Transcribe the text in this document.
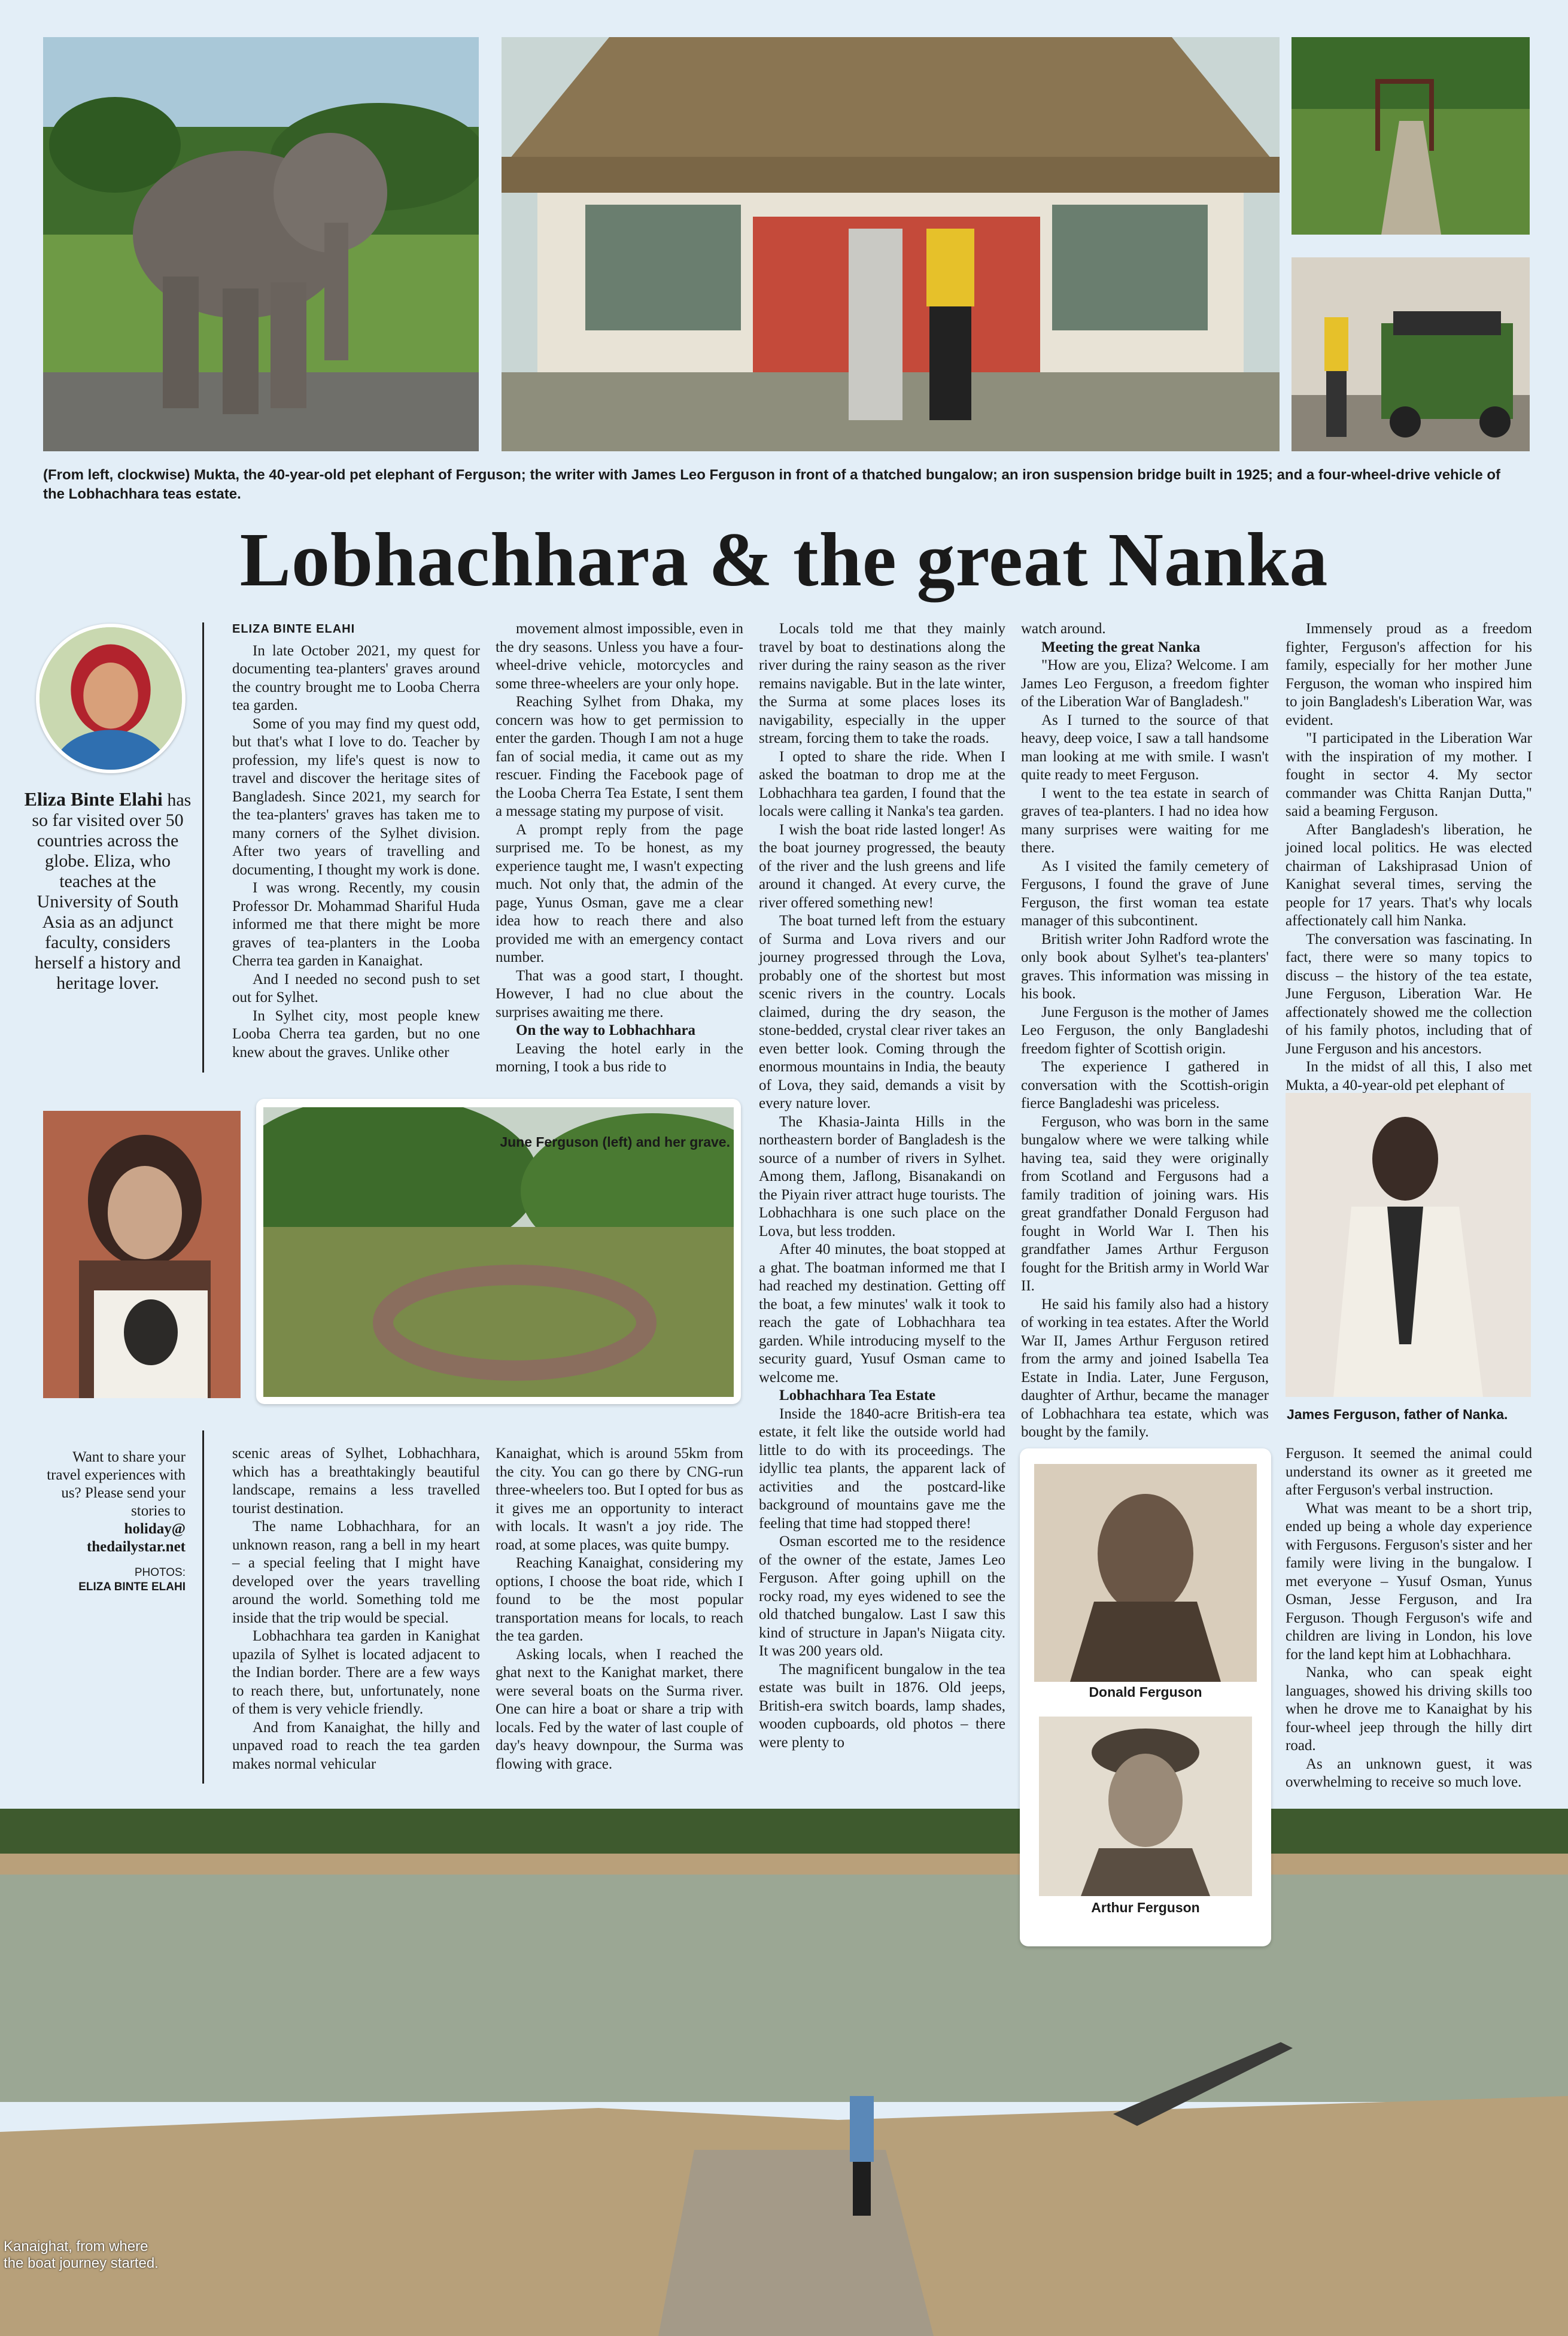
(From left, clockwise) Mukta, the 40-year-old pet elephant of Ferguson; the writer with James Leo Ferguson in front of a thatched bungalow; an iron suspension bridge built in 1925; and a four-wheel-drive vehicle of the Lobhachhara teas estate.
Lobhachhara & the great Nanka
Eliza Binte Elahi has so far visited over 50 countries across the globe. Eliza, who teaches at the University of South Asia as an adjunct faculty, considers herself a history and heritage lover.
ELIZA BINTE ELAHI

In late October 2021, my quest for documenting tea-planters' graves around the country brought me to Looba Cherra tea garden.

Some of you may find my quest odd, but that's what I love to do. Teacher by profession, my life's quest is now to travel and discover the heritage sites of Bangladesh. Since 2021, my search for the tea-planters' graves has taken me to many corners of the Sylhet division. After two years of travelling and documenting, I thought my work is done.

I was wrong. Recently, my cousin Professor Dr. Mohammad Shariful Huda informed me that there might be more graves of tea-planters in the Looba Cherra tea garden in Kanaighat.

And I needed no second push to set out for Sylhet.

In Sylhet city, most people knew Looba Cherra tea garden, but no one knew about the graves. Unlike other

movement almost impossible, even in the dry seasons. Unless you have a four-wheel-drive vehicle, motorcycles and some three-wheelers are your only hope.

Reaching Sylhet from Dhaka, my concern was how to get permission to enter the garden. Though I am not a huge fan of social media, it came out as my rescuer. Finding the Facebook page of the Looba Cherra Tea Estate, I sent them a message stating my purpose of visit.

A prompt reply from the page surprised me. To be honest, as my experience taught me, I wasn't expecting much. Not only that, the admin of the page, Yunus Osman, gave me a clear idea how to reach there and also provided me with an emergency contact number.

That was a good start, I thought. However, I had no clue about the surprises awaiting me there.

On the way to Lobhachhara

Leaving the hotel early in the morning, I took a bus ride to

Locals told me that they mainly travel by boat to destinations along the river during the rainy season as the river remains navigable. But in the late winter, the Surma at some places loses its navigability, especially in the upper stream, forcing them to take the roads.

I opted to share the ride. When I asked the boatman to drop me at the Lobhachhara tea garden, I found that the locals were calling it Nanka's tea garden.

I wish the boat ride lasted longer! As the boat journey progressed, the beauty of the river and the lush greens and life around it changed. At every curve, the river offered something new!

The boat turned left from the estuary of Surma and Lova rivers and our journey progressed through the Lova, probably one of the shortest but most scenic rivers in the country. Locals claimed, during the dry season, the stone-bedded, crystal clear river takes an even better look. Coming through the enormous mountains in India, the beauty of Lova, they said, demands a visit by every nature lover.

The Khasia-Jainta Hills in the northeastern border of Bangladesh is the source of a number of rivers in Sylhet. Among them, Jaflong, Bisanakandi on the Piyain river attract huge tourists. The Lobhachhara is one such place on the Lova, but less trodden.

After 40 minutes, the boat stopped at a ghat. The boatman informed me that I had reached my destination. Getting off the boat, a few minutes' walk it took to reach the gate of Lobhachhara tea garden. While introducing myself to the security guard, Yusuf Osman came to welcome me.

Lobhachhara Tea Estate

Inside the 1840-acre British-era tea estate, it felt like the outside world had little to do with its proceedings. The idyllic tea plants, the apparent lack of activities and the postcard-like background of mountains gave me the feeling that time had stopped there!

Osman escorted me to the residence of the owner of the estate, James Leo Ferguson. After going uphill on the rocky road, my eyes widened to see the old thatched bungalow. Last I saw this kind of structure in Japan's Niigata city. It was 200 years old.

The magnificent bungalow in the tea estate was built in 1876. Old jeeps, British-era switch boards, lamp shades, wooden cupboards, old photos – there were plenty to

watch around.

Meeting the great Nanka

"How are you, Eliza? Welcome. I am James Leo Ferguson, a freedom fighter of the Liberation War of Bangladesh."

As I turned to the source of that heavy, deep voice, I saw a tall handsome man looking at me with smile. I wasn't quite ready to meet Ferguson.

I went to the tea estate in search of graves of tea-planters. I had no idea how many surprises were waiting for me there.

As I visited the family cemetery of Fergusons, I found the grave of June Ferguson, the first woman tea estate manager of this subcontinent.

British writer John Radford wrote the only book about Sylhet's tea-planters' graves. This information was missing in his book.

June Ferguson is the mother of James Leo Ferguson, the only Bangladeshi freedom fighter of Scottish origin.

The experience I gathered in conversation with the Scottish-origin fierce Bangladeshi was priceless.

Ferguson, who was born in the same bungalow where we were talking while having tea, said they were originally from Scotland and Fergusons had a family tradition of joining wars. His great grandfather Donald Ferguson had fought in World War I. Then his grandfather James Arthur Ferguson fought for the British army in World War II.

He said his family also had a history of working in tea estates. After the World War II, James Arthur Ferguson retired from the army and joined Isabella Tea Estate in India. Later, June Ferguson, daughter of Arthur, became the manager of Lobhachhara tea estate, which was bought by the family.

Immensely proud as a freedom fighter, Ferguson's affection for his family, especially for her mother June Ferguson, the woman who inspired him to join Bangladesh's Liberation War, was evident.

"I participated in the Liberation War with the inspiration of my mother. I fought in sector 4. My sector commander was Chitta Ranjan Dutta," said a beaming Ferguson.

After Bangladesh's liberation, he joined local politics. He was elected chairman of Lakshiprasad Union of Kanighat several times, serving the people for 17 years. That's why locals affectionately call him Nanka.

The conversation was fascinating. In fact, there were so many topics to discuss – the history of the tea estate, June Ferguson, Liberation War. He affectionately showed me the collection of his family photos, including that of June Ferguson and his ancestors.

In the midst of all this, I also met Mukta, a 40-year-old pet elephant of

June Ferguson (left) and her grave.
James Ferguson, father of Nanka.
Want to share your travel experiences with us? Please send your stories to
holiday@
thedailystar.net
PHOTOS:
ELIZA BINTE ELAHI

scenic areas of Sylhet, Lobhachhara, which has a breathtakingly beautiful landscape, remains a less travelled tourist destination.

The name Lobhachhara, for an unknown reason, rang a bell in my heart – a special feeling that I might have developed over the years travelling around the world. Something told me inside that the trip would be special.

Lobhachhara tea garden in Kanighat upazila of Sylhet is located adjacent to the Indian border. There are a few ways to reach there, but, unfortunately, none of them is very vehicle friendly.

And from Kanaighat, the hilly and unpaved road to reach the tea garden makes normal vehicular

Kanaighat, which is around 55km from the city. You can go there by CNG-run three-wheelers too. But I opted for bus as it gives me an opportunity to interact with locals. It wasn't a joy ride. The road, at some places, was quite bumpy.

Reaching Kanaighat, considering my options, I choose the boat ride, which I found to be the most popular transportation means for locals, to reach the tea garden.

Asking locals, when I reached the ghat next to the Kanighat market, there were several boats on the Surma river. One can hire a boat or share a trip with locals. Fed by the water of last couple of day's heavy downpour, the Surma was flowing with grace.

Donald Ferguson
Arthur Ferguson

Ferguson. It seemed the animal could understand its owner as it greeted me after Ferguson's verbal instruction.

What was meant to be a short trip, ended up being a whole day experience with Fergusons. Ferguson's sister and her family were living in the bungalow. I met everyone – Yusuf Osman, Yunus Osman, Jesse Ferguson, and Ira Ferguson. Though Ferguson's wife and children are living in London, his love for the land kept him at Lobhachhara.

Nanka, who can speak eight languages, showed his driving skills too when he drove me to Kanaighat by his four-wheel jeep through the hilly dirt road.

As an unknown guest, it was overwhelming to receive so much love.

Kanaighat, from where the boat journey started.
